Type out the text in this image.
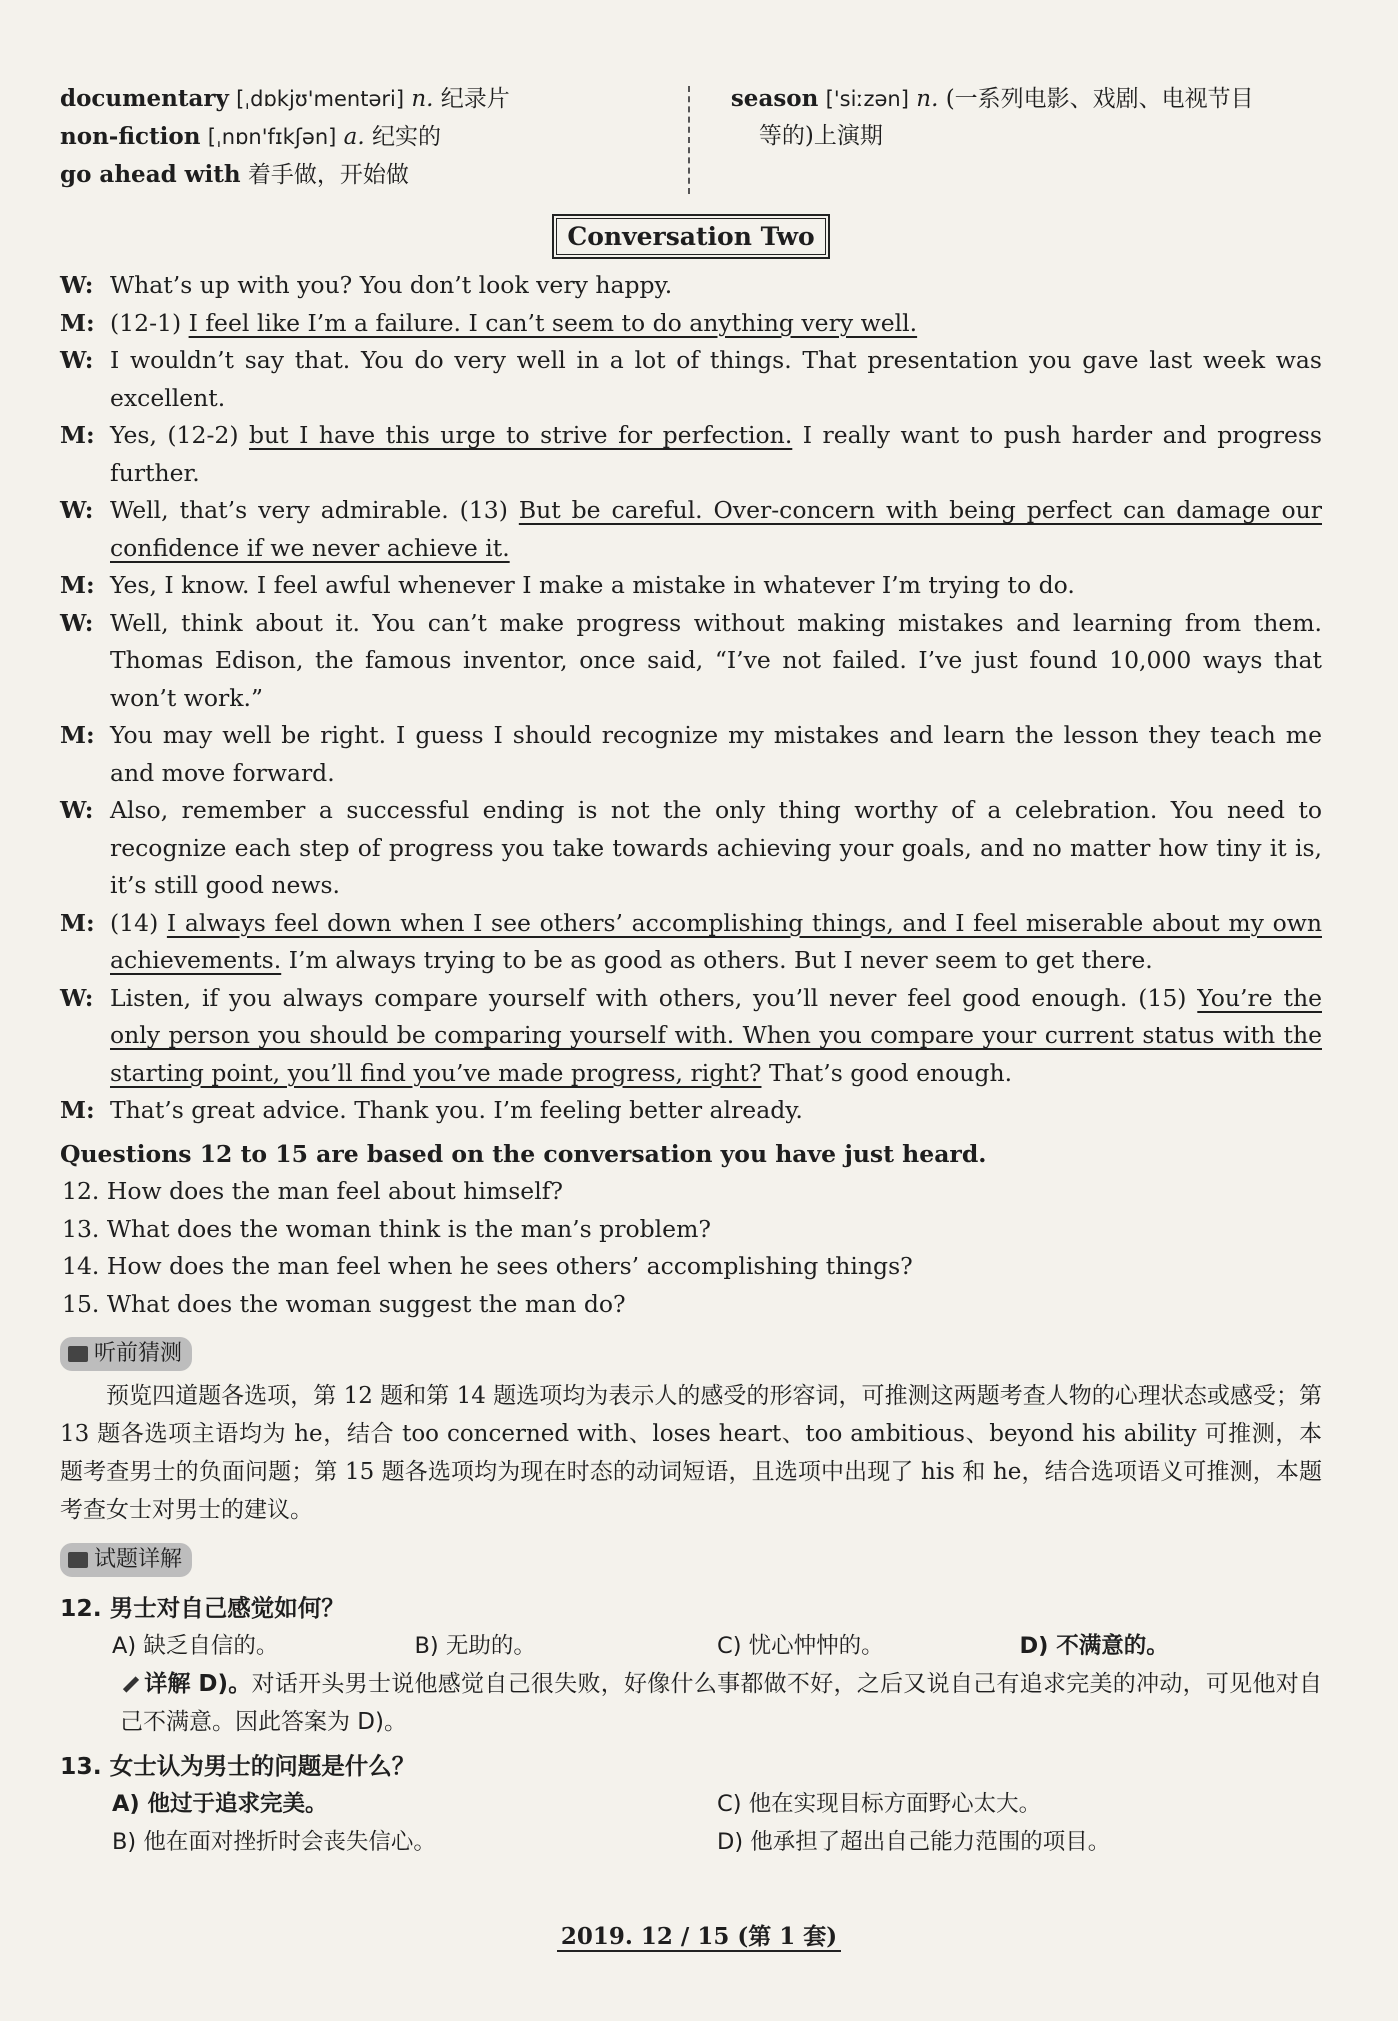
documentary [ˌdɒkjʊ'mentəri] n. 纪录片
non-fiction [ˌnɒn'fɪkʃən] a. 纪实的
go ahead with 着手做，开始做
season ['siːzən] n. (一系列电影、戏剧、电视节目
等的)上演期
Conversation Two
W: What’s up with you? You don’t look very happy.
M: (12-1) I feel like I’m a failure. I can’t seem to do anything very well.
W: I wouldn’t say that. You do very well in a lot of things. That presentation you gave last week was excellent.
M: Yes, (12-2) but I have this urge to strive for perfection. I really want to push harder and progress further.
W: Well, that’s very admirable. (13) But be careful. Over-concern with being perfect can damage our confidence if we never achieve it.
M: Yes, I know. I feel awful whenever I make a mistake in whatever I’m trying to do.
W: Well, think about it. You can’t make progress without making mistakes and learning from them. Thomas Edison, the famous inventor, once said, “I’ve not failed. I’ve just found 10,000 ways that won’t work.”
M: You may well be right. I guess I should recognize my mistakes and learn the lesson they teach me and move forward.
W: Also, remember a successful ending is not the only thing worthy of a celebration. You need to recognize each step of progress you take towards achieving your goals, and no matter how tiny it is, it’s still good news.
M: (14) I always feel down when I see others’ accomplishing things, and I feel miserable about my own achievements. I’m always trying to be as good as others. But I never seem to get there.
W: Listen, if you always compare yourself with others, you’ll never feel good enough. (15) You’re the only person you should be comparing yourself with. When you compare your current status with the starting point, you’ll find you’ve made progress, right? That’s good enough.
M: That’s great advice. Thank you. I’m feeling better already.
Questions 12 to 15 are based on the conversation you have just heard.
12. How does the man feel about himself?
13. What does the woman think is the man’s problem?
14. How does the man feel when he sees others’ accomplishing things?
15. What does the woman suggest the man do?
听前猜测
预览四道题各选项，第 12 题和第 14 题选项均为表示人的感受的形容词，可推测这两题考查人物的心理状态或感受；第 13 题各选项主语均为 he，结合 too concerned with、loses heart、too ambitious、beyond his ability 可推测，本题考查男士的负面问题；第 15 题各选项均为现在时态的动词短语，且选项中出现了 his 和 he，结合选项语义可推测，本题考查女士对男士的建议。
试题详解
12. 男士对自己感觉如何？
A) 缺乏自信的。	B) 无助的。	C) 忧心忡忡的。	D) 不满意的。
详解 D)。对话开头男士说他感觉自己很失败，好像什么事都做不好，之后又说自己有追求完美的冲动，可见他对自己不满意。因此答案为 D)。
13. 女士认为男士的问题是什么？
A) 他过于追求完美。	C) 他在实现目标方面野心太大。
B) 他在面对挫折时会丧失信心。	D) 他承担了超出自己能力范围的项目。
2019. 12 / 15 (第 1 套)
